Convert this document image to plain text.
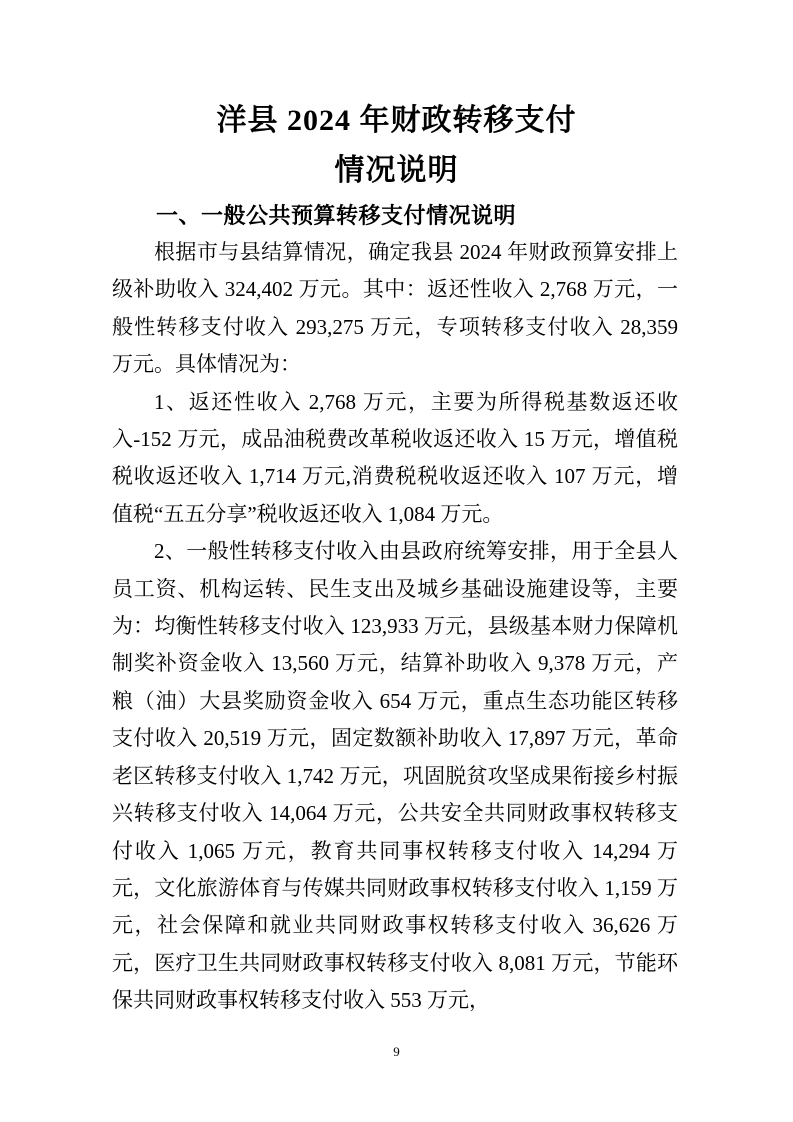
洋县 2024 年财政转移支付
情况说明
一、一般公共预算转移支付情况说明

根据市与县结算情况，确定我县 2024 年财政预算安排上级补助收入 324,402 万元。其中：返还性收入 2,768 万元，一般性转移支付收入 293,275 万元，专项转移支付收入 28,359 万元。具体情况为：

1、返还性收入 2,768 万元，主要为所得税基数返还收入-152 万元，成品油税费改革税收返还收入 15 万元，增值税税收返还收入 1,714 万元,消费税税收返还收入 107 万元，增值税“五五分享”税收返还收入 1,084 万元。

2、一般性转移支付收入由县政府统筹安排，用于全县人员工资、机构运转、民生支出及城乡基础设施建设等，主要为：均衡性转移支付收入 123,933 万元，县级基本财力保障机制奖补资金收入 13,560 万元，结算补助收入 9,378 万元，产粮（油）大县奖励资金收入 654 万元，重点生态功能区转移支付收入 20,519 万元，固定数额补助收入 17,897 万元，革命老区转移支付收入 1,742 万元，巩固脱贫攻坚成果衔接乡村振兴转移支付收入 14,064 万元，公共安全共同财政事权转移支付收入 1,065 万元，教育共同事权转移支付收入 14,294 万元，文化旅游体育与传媒共同财政事权转移支付收入 1,159 万元，社会保障和就业共同财政事权转移支付收入 36,626 万元，医疗卫生共同财政事权转移支付收入 8,081 万元，节能环保共同财政事权转移支付收入 553 万元，

9
